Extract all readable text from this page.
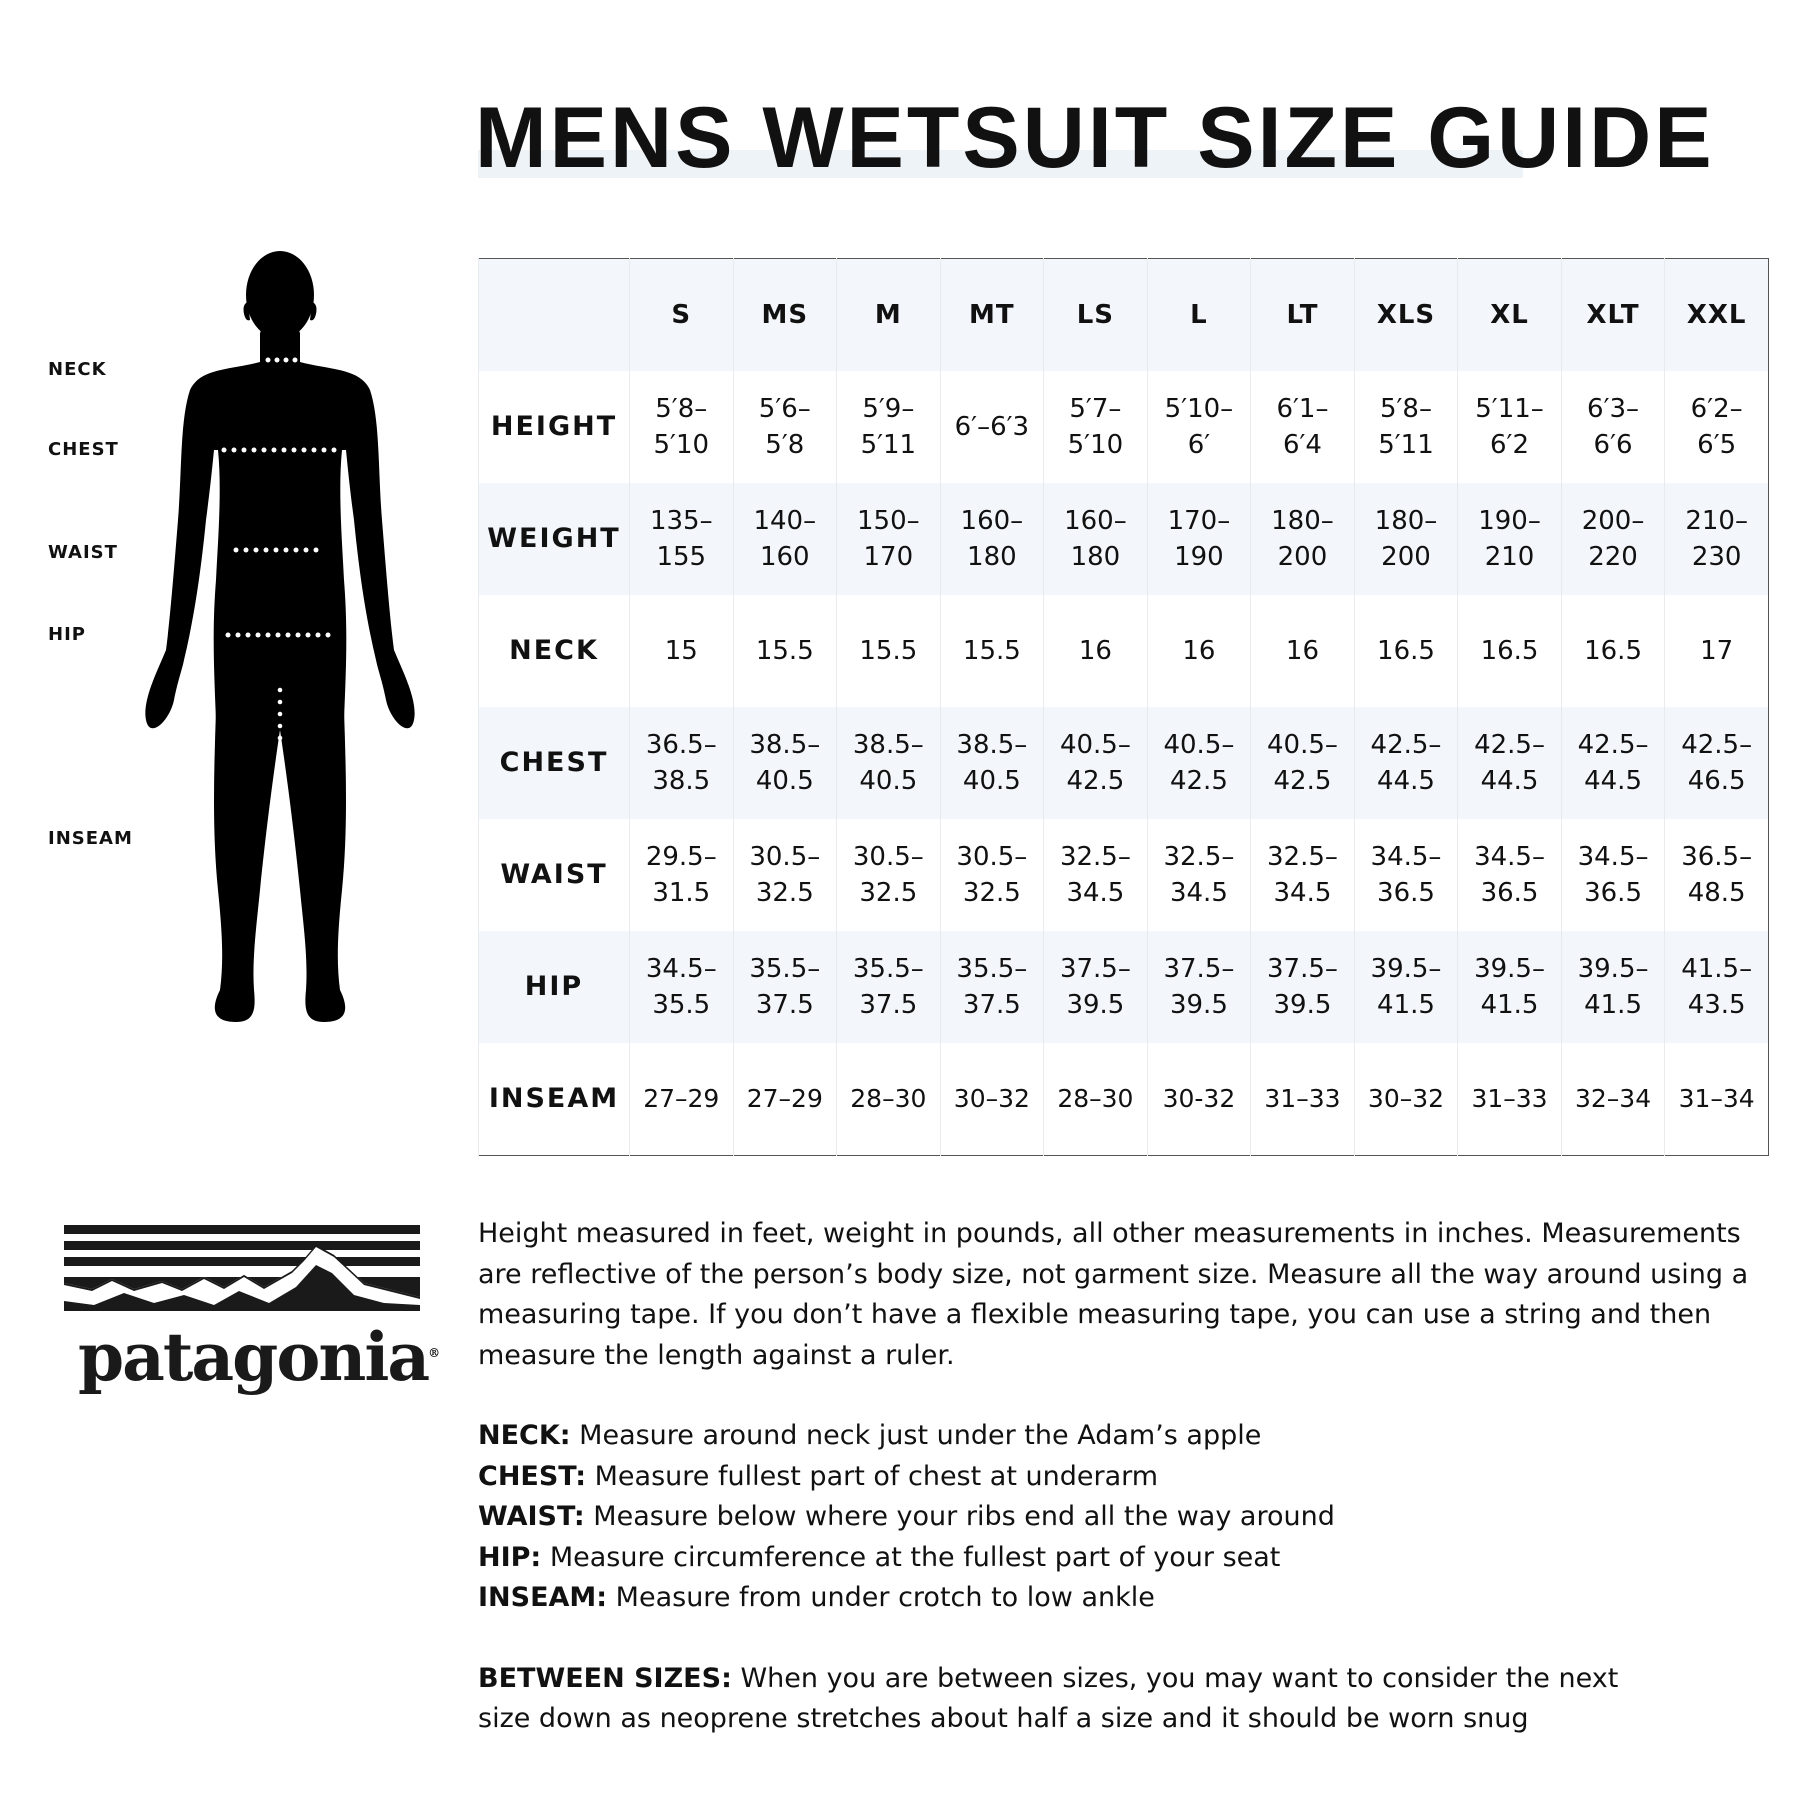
MENS WETSUIT SIZE GUIDE
NECK
CHEST
WAIST
HIP
INSEAM
	S	MS	M	MT	LS	L	LT	XLS	XL	XLT	XXL
HEIGHT	5′8–5′10	5′6–5′8	5′9–5′11	6′–6′3	5′7–5′10	5′10–6′	6′1–6′4	5′8–5′11	5′11–6′2	6′3–6′6	6′2–6′5
WEIGHT	135–155	140–160	150–170	160–180	160–180	170–190	180–200	180–200	190–210	200–220	210–230
NECK	15	15.5	15.5	15.5	16	16	16	16.5	16.5	16.5	17
CHEST	36.5–38.5	38.5–40.5	38.5–40.5	38.5–40.5	40.5–42.5	40.5–42.5	40.5–42.5	42.5–44.5	42.5–44.5	42.5–44.5	42.5–46.5
WAIST	29.5–31.5	30.5–32.5	30.5–32.5	30.5–32.5	32.5–34.5	32.5–34.5	32.5–34.5	34.5–36.5	34.5–36.5	34.5–36.5	36.5–48.5
HIP	34.5–35.5	35.5–37.5	35.5–37.5	35.5–37.5	37.5–39.5	37.5–39.5	37.5–39.5	39.5–41.5	39.5–41.5	39.5–41.5	41.5–43.5
INSEAM	27–29	27–29	28–30	30–32	28–30	30-32	31–33	30–32	31–33	32–34	31–34
patagonia®

Height measured in feet, weight in pounds, all other measurements in inches. Measurements are reflective of the person’s body size, not garment size. Measure all the way around using a measuring tape. If you don’t have a flexible measuring tape, you can use a string and then measure the length against a ruler.

NECK: Measure around neck just under the Adam’s apple

CHEST: Measure fullest part of chest at underarm

WAIST: Measure below where your ribs end all the way around

HIP: Measure circumference at the fullest part of your seat

INSEAM: Measure from under crotch to low ankle

BETWEEN SIZES: When you are between sizes, you may want to consider the next size down as neoprene stretches about half a size and it should be worn snug
